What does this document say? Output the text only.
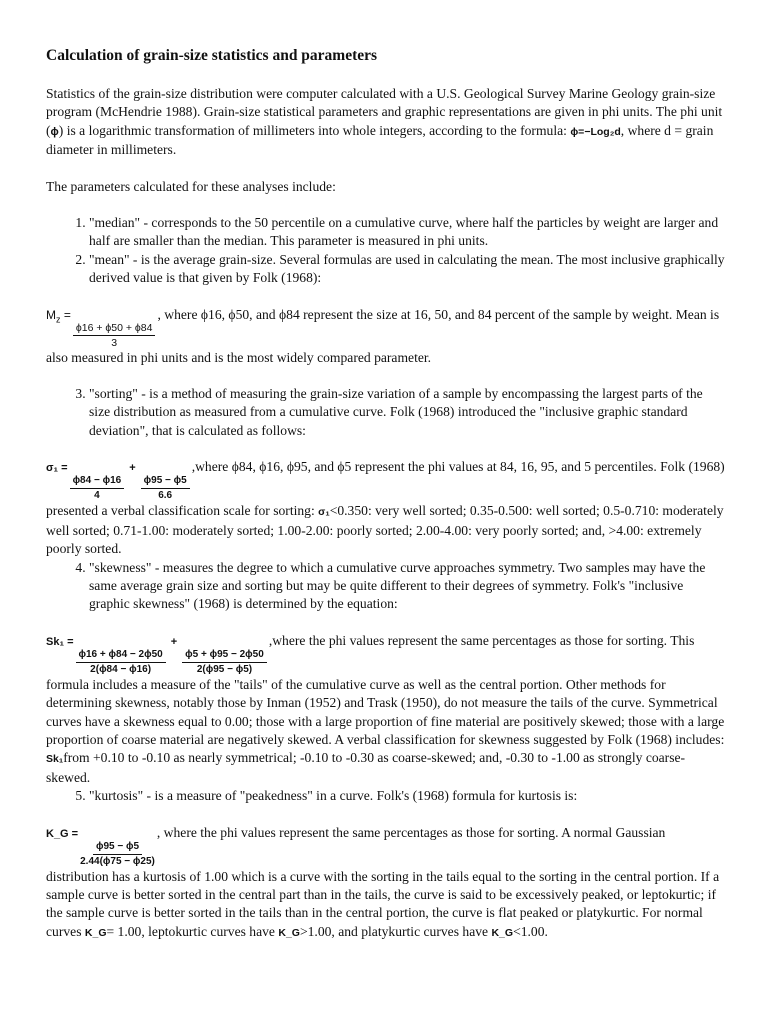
Calculation of grain-size statistics and parameters

Statistics of the grain-size distribution were computer calculated with a U.S. Geological Survey Marine Geology grain-size program (McHendrie 1988). Grain-size statistical parameters and graphic representations are given in phi units. The phi unit (ϕ) is a logarithmic transformation of millimeters into whole integers, according to the formula: ϕ=−Log₂d, where d = grain diameter in millimeters.

The parameters calculated for these analyses include:

1. "median" - corresponds to the 50 percentile on a cumulative curve, where half the particles by weight are larger and half are smaller than the median. This parameter is measured in phi units.
2. "mean" - is the average grain-size. Several formulas are used in calculating the mean. The most inclusive graphically derived value is that given by Folk (1968):
$M_z$ =
$\frac{\phi 16 + \phi 50 + \phi 84}{3}$
, where ϕ16, ϕ50, and ϕ84 represent the size at 16, 50, and 84 percent of the sample by weight. Mean is also measured in phi units and is the most widely compared parameter.
3. "sorting" - is a method of measuring the grain-size variation of a sample by encompassing the largest parts of the size distribution as measured from a cumulative curve. Folk (1968) introduced the "inclusive graphic standard deviation", that is calculated as follows:
σ₁ =
$\frac{\phi 84 - \phi 16}{4}$
+
$\frac{\phi 95 - \phi 5}{6.6}$
,where ϕ84, ϕ16, ϕ95, and ϕ5 represent the phi values at 84, 16, 95, and 5 percentiles. Folk (1968) presented a verbal classification scale for sorting: σ₁<0.350: very well sorted; 0.35-0.500: well sorted; 0.5-0.710: moderately well sorted; 0.71-1.00: moderately sorted; 1.00-2.00: poorly sorted; 2.00-4.00: very poorly sorted; and, >4.00: extremely poorly sorted.
4. "skewness" - measures the degree to which a cumulative curve approaches symmetry. Two samples may have the same average grain size and sorting but may be quite different to their degrees of symmetry. Folk's "inclusive graphic skewness" (1968) is determined by the equation:
Sk₁ =
$\frac{\phi 16 + \phi 84 - 2\phi 50}{2(\phi 84 - \phi 16)}$
+
$\frac{\phi 5 + \phi 95 - 2\phi 50}{2(\phi 95 - \phi 5)}$
,where the phi values represent the same percentages as those for sorting. This formula includes a measure of the "tails" of the cumulative curve as well as the central portion. Other methods for determining skewness, notably those by Inman (1952) and Trask (1950), do not measure the tails of the curve. Symmetrical curves have a skewness equal to 0.00; those with a large proportion of fine material are positively skewed; those with a large proportion of coarse material are negatively skewed. A verbal classification for skewness suggested by Folk (1968) includes: Sk₁from +0.10 to -0.10 as nearly symmetrical; -0.10 to -0.30 as coarse-skewed; and, -0.30 to -1.00 as strongly coarse-skewed.
5. "kurtosis" - is a measure of "peakedness" in a curve. Folk's (1968) formula for kurtosis is:
K_G =
$\frac{\phi 95 - \phi 5}{2.44(\phi 75 - \phi 25)}$
, where the phi values represent the same percentages as those for sorting. A normal Gaussian distribution has a kurtosis of 1.00 which is a curve with the sorting in the tails equal to the sorting in the central portion. If a sample curve is better sorted in the central part than in the tails, the curve is said to be excessively peaked, or leptokurtic; if the sample curve is better sorted in the tails than in the central portion, the curve is flat peaked or platykurtic. For normal curves K_G= 1.00, leptokurtic curves have K_G>1.00, and platykurtic curves have K_G<1.00.
